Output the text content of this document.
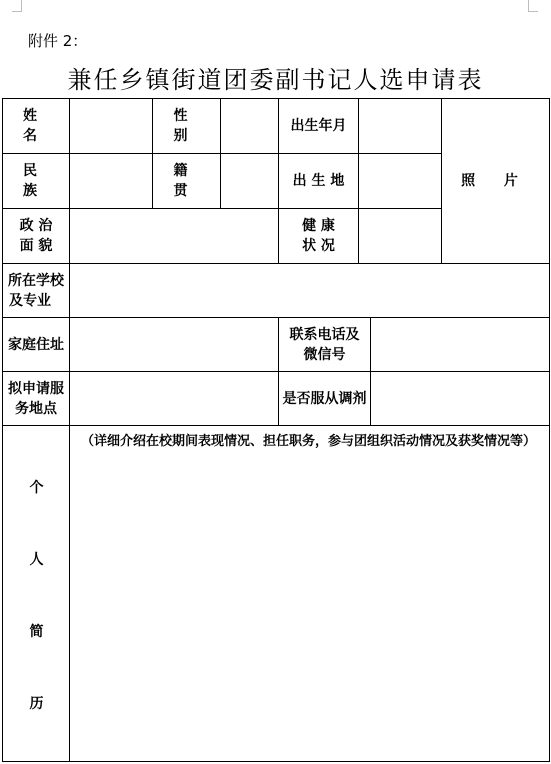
附件 2：
兼任乡镇街道团委副书记人选申请表
姓 名
性 别
出生年月
照 片
民 族
籍 贯
出 生 地
政 治
面 貌
健 康
状 况
所在学校
及专业
家庭住址
联系电话及
微信号
拟申请服
务地点
是否服从调剂
个
人
简
历
（详细介绍在校期间表现情况、担任职务，参与团组织活动情况及获奖情况等）
